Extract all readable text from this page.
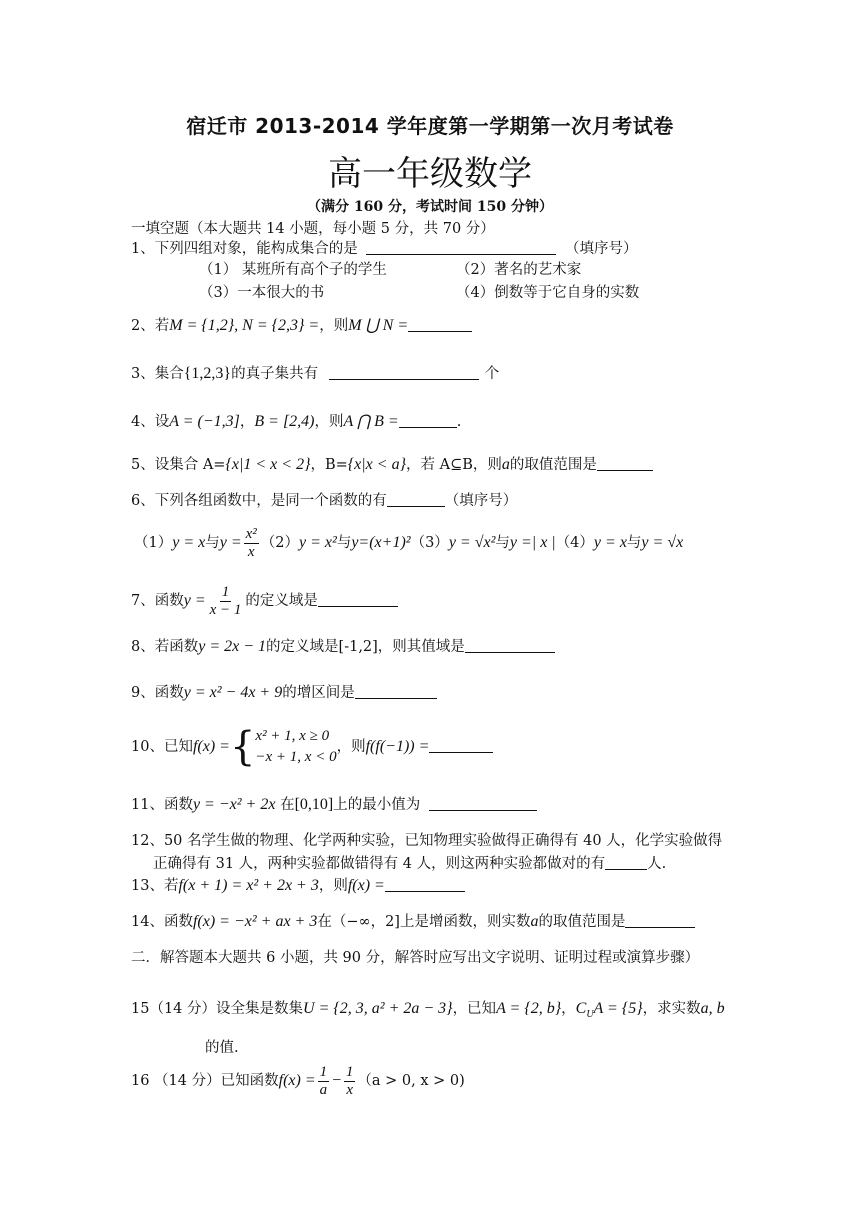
宿迁市 2013-2014 学年度第一学期第一次月考试卷
高一年级数学
（满分 160 分，考试时间 150 分钟）
一填空题（本大题共 14 小题，每小题 5 分，共 70 分）
1、下列四组对象，能构成集合的是	（填序号）
（1） 某班所有高个子的学生	（2）著名的艺术家
（3）一本很大的书	（4）倒数等于它自身的实数
2、若M = {1,2}, N = {2,3} =，则M ⋃ N =
3、集合{1,2,3}的真子集共有	个
4、设A = (−1,3]，B = [2,4)，则A ⋂ B =	.
5、设集合 A={x|1 < x < 2}，B={x|x < a}，若 A⊆B，则a的取值范围是
6、下列各组函数中，是同一个函数的有	（填序号）
（1）y = x与$y = \frac{\text{x²}}{x} (2)y = x^2$与y=(x+1)²（3）y = √x²与y =| x |（4）y = x与y = √x
7、函数$y = \frac{1}{x - 1}$ 的定义域是
8、若函数y = 2x − 1的定义域是[-1,2]，则其值域是
9、函数y = x² − 4x + 9的增区间是
10、已知f(x) ={ x² + 1, x ≥ 0
−x + 1, x < 0
，则f(f(−1)) =
11、函数y = −x² + 2x 在[0,10]上的最小值为
12、50 名学生做的物理、化学两种实验，已知物理实验做得正确得有 40 人，化学实验做得
正确得有 31 人，两种实验都做错得有 4 人，则这两种实验都做对的有	人.
13、若f(x + 1) = x² + 2x + 3，则f(x) =
14、函数f(x) = −x² + ax + 3在（−∞，2]上是增函数，则实数a的取值范围是
二．解答题本大题共 6 小题，共 90 分，解答时应写出文字说明、证明过程或演算步骤）
15（14 分）设全集是数集U = {2, 3, a² + 2a − 3}，已知A = {2, b}，$C_UA = \{5\}$，求实数a, b
的值.
16 （14 分）已知函数$f(x) = \frac{1}{a} - \frac{1}{x} (a > 0$, x > 0)
